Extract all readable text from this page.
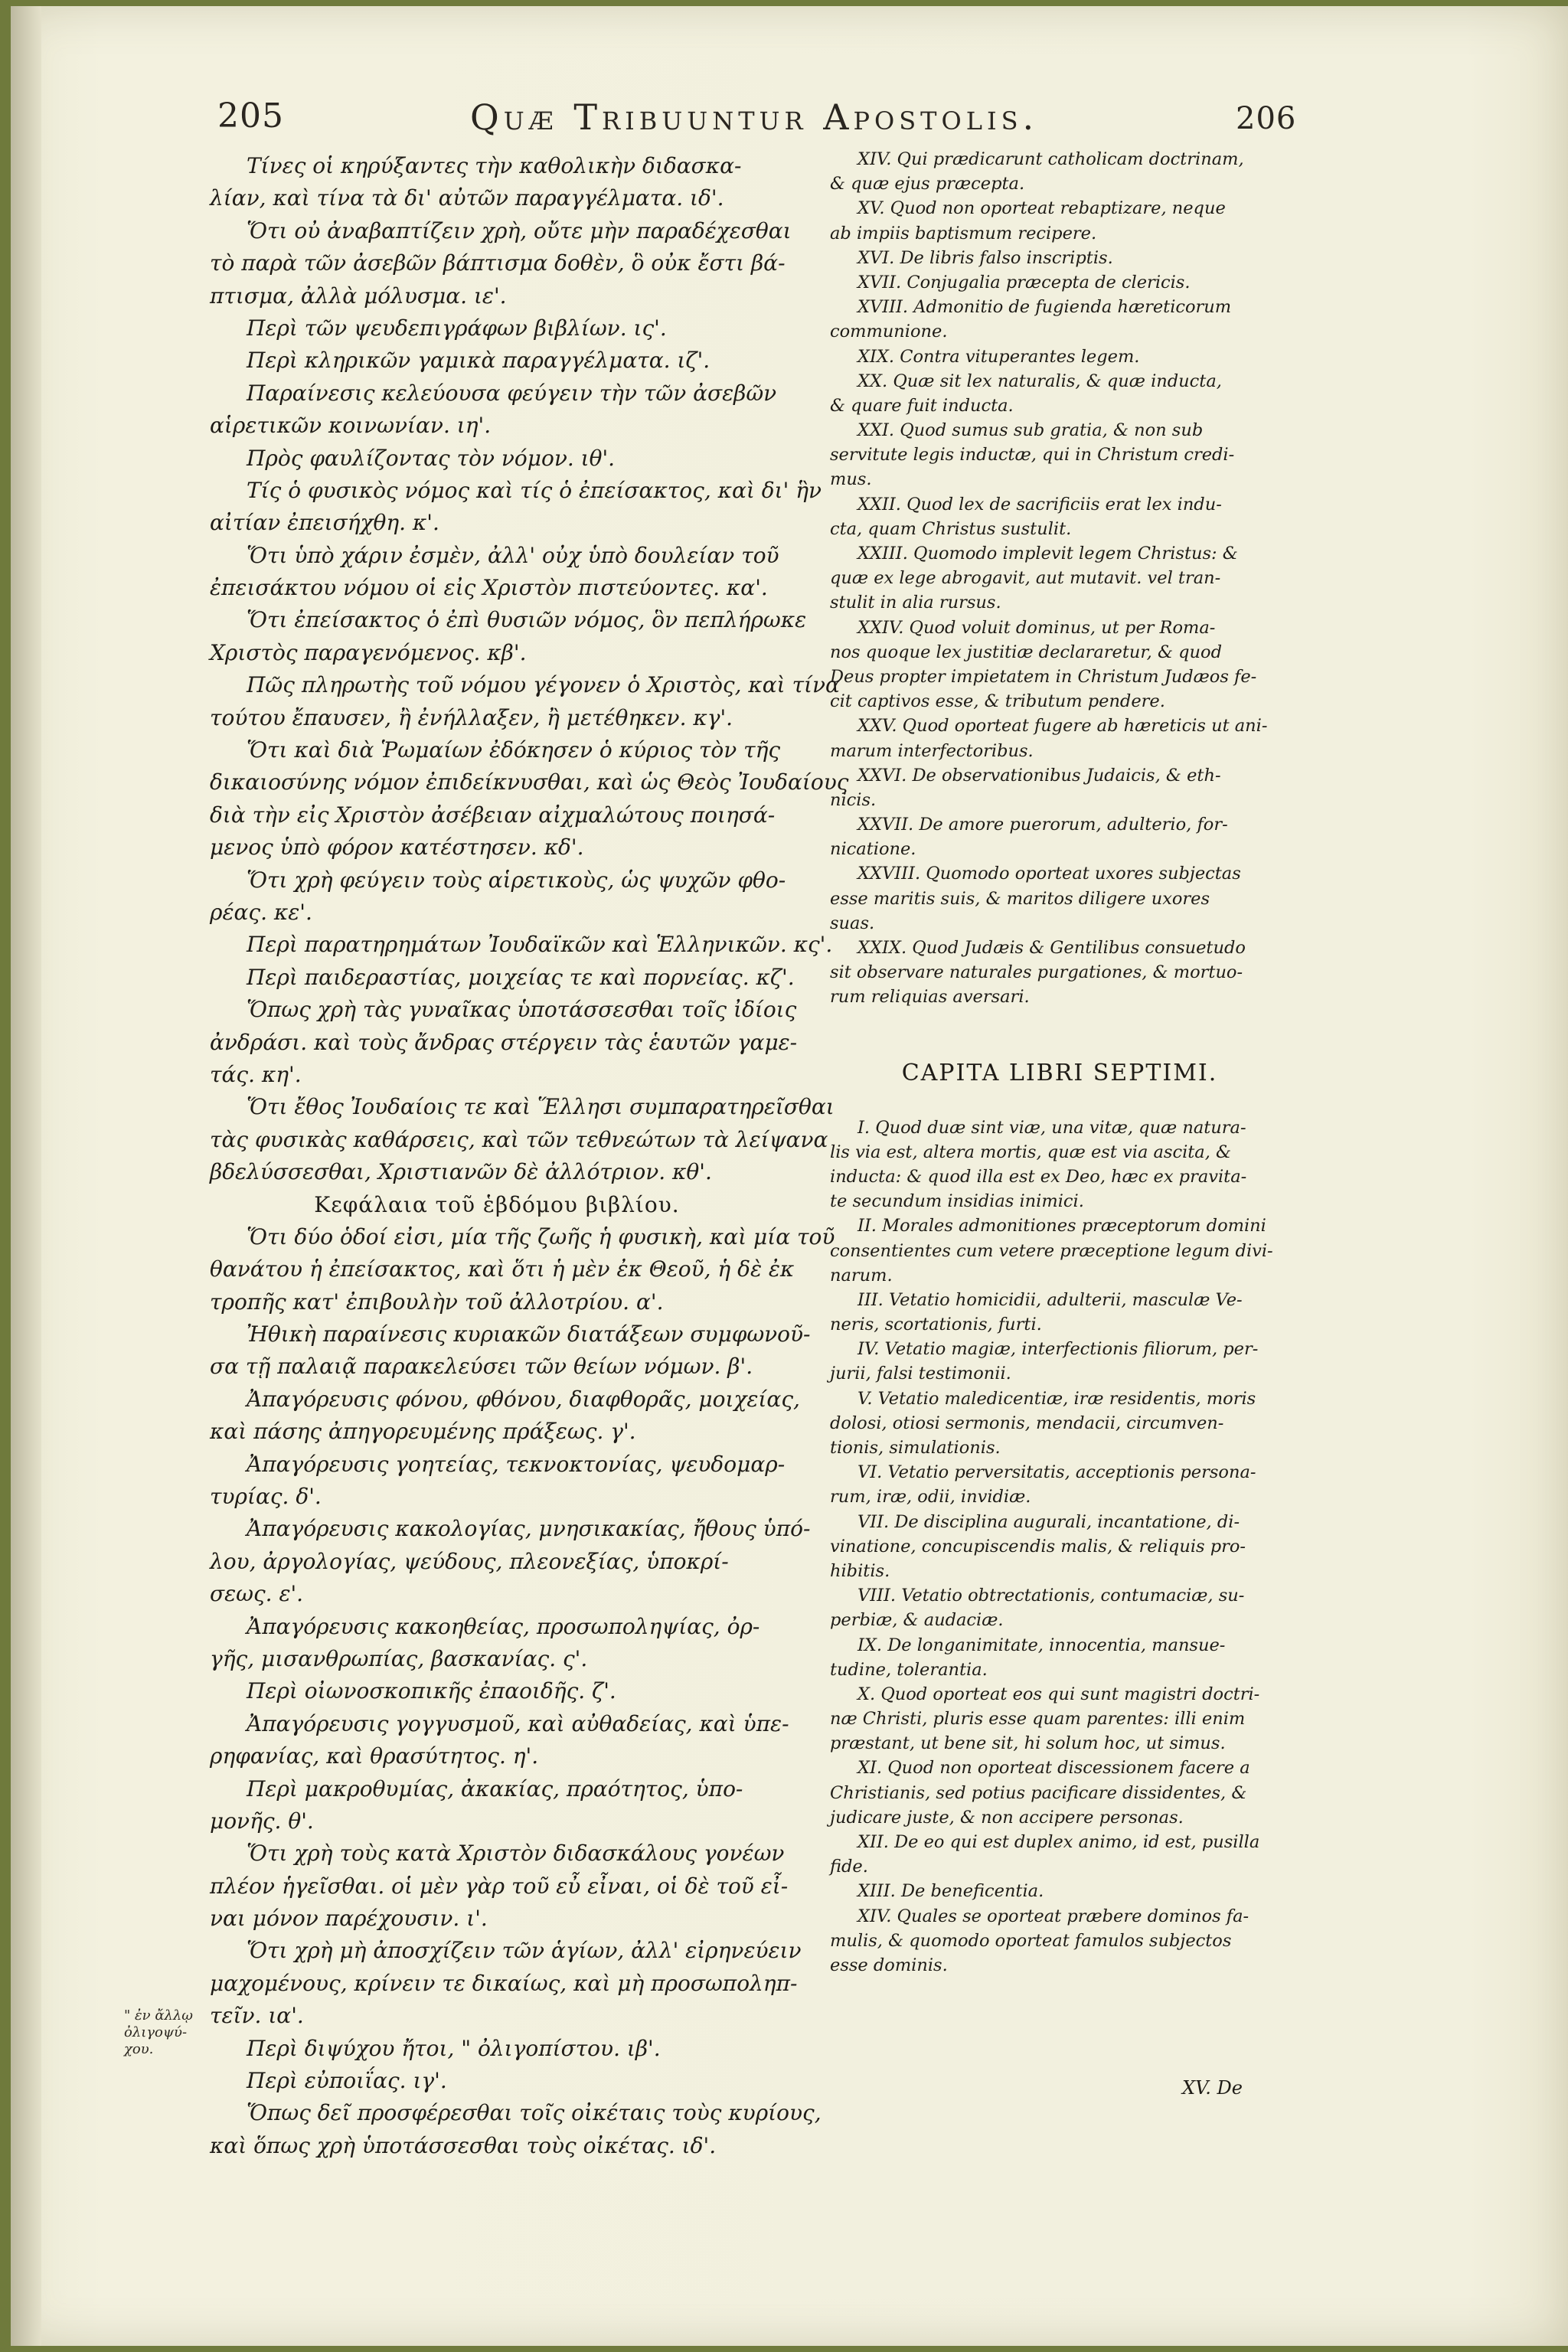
205	Quæ Tribuuntur Apostolis.	206
Τίνες οἱ κηρύξαντες τὴν καθολικὴν διδασκα-
λίαν, καὶ τίνα τὰ δι' αὐτῶν παραγγέλματα. ιδ'.
Ὅτι οὐ ἀναβαπτίζειν χρὴ, οὔτε μὴν παραδέχεσθαι
τὸ παρὰ τῶν ἀσεβῶν βάπτισμα δοθὲν, ὃ οὐκ ἔστι βά-
πτισμα, ἀλλὰ μόλυσμα. ιε'.
Περὶ τῶν ψευδεπιγράφων βιβλίων. ις'.
Περὶ κληρικῶν γαμικὰ παραγγέλματα. ιζ'.
Παραίνεσις κελεύουσα φεύγειν τὴν τῶν ἀσεβῶν
αἱρετικῶν κοινωνίαν. ιη'.
Πρὸς φαυλίζοντας τὸν νόμον. ιθ'.
Τίς ὁ φυσικὸς νόμος καὶ τίς ὁ ἐπείσακτος, καὶ δι' ἣν
αἰτίαν ἐπεισήχθη. κ'.
Ὅτι ὑπὸ χάριν ἐσμὲν, ἀλλ' οὐχ ὑπὸ δουλείαν τοῦ
ἐπεισάκτου νόμου οἱ εἰς Χριστὸν πιστεύοντες. κα'.
Ὅτι ἐπείσακτος ὁ ἐπὶ θυσιῶν νόμος, ὃν πεπλήρωκε
Χριστὸς παραγενόμενος. κβ'.
Πῶς πληρωτὴς τοῦ νόμου γέγονεν ὁ Χριστὸς, καὶ τίνα
τούτου ἔπαυσεν, ἢ ἐνήλλαξεν, ἢ μετέθηκεν. κγ'.
Ὅτι καὶ διὰ Ῥωμαίων ἐδόκησεν ὁ κύριος τὸν τῆς
δικαιοσύνης νόμον ἐπιδείκνυσθαι, καὶ ὡς Θεὸς Ἰουδαίους
διὰ τὴν εἰς Χριστὸν ἀσέβειαν αἰχμαλώτους ποιησά-
μενος ὑπὸ φόρον κατέστησεν. κδ'.
Ὅτι χρὴ φεύγειν τοὺς αἱρετικοὺς, ὡς ψυχῶν φθο-
ρέας. κε'.
Περὶ παρατηρημάτων Ἰουδαϊκῶν καὶ Ἑλληνικῶν. κς'.
Περὶ παιδεραστίας, μοιχείας τε καὶ πορνείας. κζ'.
Ὅπως χρὴ τὰς γυναῖκας ὑποτάσσεσθαι τοῖς ἰδίοις
ἀνδράσι. καὶ τοὺς ἄνδρας στέργειν τὰς ἑαυτῶν γαμε-
τάς. κη'.
Ὅτι ἔθος Ἰουδαίοις τε καὶ Ἕλλησι συμπαρατηρεῖσθαι
τὰς φυσικὰς καθάρσεις, καὶ τῶν τεθνεώτων τὰ λείψανα
βδελύσσεσθαι, Χριστιανῶν δὲ ἀλλότριον. κθ'.
Κεφάλαια τοῦ ἑβδόμου βιβλίου.
Ὅτι δύο ὁδοί εἰσι, μία τῆς ζωῆς ἡ φυσικὴ, καὶ μία τοῦ
θανάτου ἡ ἐπείσακτος, καὶ ὅτι ἡ μὲν ἐκ Θεοῦ, ἡ δὲ ἐκ
τροπῆς κατ' ἐπιβουλὴν τοῦ ἀλλοτρίου. α'.
Ἠθικὴ παραίνεσις κυριακῶν διατάξεων συμφωνοῦ-
σα τῇ παλαιᾷ παρακελεύσει τῶν θείων νόμων. β'.
Ἀπαγόρευσις φόνου, φθόνου, διαφθορᾶς, μοιχείας,
καὶ πάσης ἀπηγορευμένης πράξεως. γ'.
Ἀπαγόρευσις γοητείας, τεκνοκτονίας, ψευδομαρ-
τυρίας. δ'.
Ἀπαγόρευσις κακολογίας, μνησικακίας, ἤθους ὑπό-
λου, ἀργολογίας, ψεύδους, πλεονεξίας, ὑποκρί-
σεως. ε'.
Ἀπαγόρευσις κακοηθείας, προσωποληψίας, ὀρ-
γῆς, μισανθρωπίας, βασκανίας. ς'.
Περὶ οἰωνοσκοπικῆς ἐπαοιδῆς. ζ'.
Ἀπαγόρευσις γογγυσμοῦ, καὶ αὐθαδείας, καὶ ὑπε-
ρηφανίας, καὶ θρασύτητος. η'.
Περὶ μακροθυμίας, ἀκακίας, πραότητος, ὑπο-
μονῆς. θ'.
Ὅτι χρὴ τοὺς κατὰ Χριστὸν διδασκάλους γονέων
πλέον ἡγεῖσθαι. οἱ μὲν γὰρ τοῦ εὖ εἶναι, οἱ δὲ τοῦ εἶ-
ναι μόνον παρέχουσιν. ι'.
Ὅτι χρὴ μὴ ἀποσχίζειν τῶν ἁγίων, ἀλλ' εἰρηνεύειν
μαχομένους, κρίνειν τε δικαίως, καὶ μὴ προσωποληπ-
τεῖν. ια'.
Περὶ διψύχου ἤτοι, " ὀλιγοπίστου. ιβ'.
Περὶ εὐποιΐας. ιγ'.
Ὅπως δεῖ προσφέρεσθαι τοῖς οἰκέταις τοὺς κυρίους,
καὶ ὅπως χρὴ ὑποτάσσεσθαι τοὺς οἰκέτας. ιδ'.
XIV. Qui prædicarunt catholicam doctrinam,
& quæ ejus præcepta.
XV. Quod non oporteat rebaptizare, neque
ab impiis baptismum recipere.
XVI. De libris falso inscriptis.
XVII. Conjugalia præcepta de clericis.
XVIII. Admonitio de fugienda hæreticorum
communione.
XIX. Contra vituperantes legem.
XX. Quæ sit lex naturalis, & quæ inducta,
& quare fuit inducta.
XXI. Quod sumus sub gratia, & non sub
servitute legis inductæ, qui in Christum credi-
mus.
XXII. Quod lex de sacrificiis erat lex indu-
cta, quam Christus sustulit.
XXIII. Quomodo implevit legem Christus: &
quæ ex lege abrogavit, aut mutavit. vel tran-
stulit in alia rursus.
XXIV. Quod voluit dominus, ut per Roma-
nos quoque lex justitiæ declararetur, & quod
Deus propter impietatem in Christum Judæos fe-
cit captivos esse, & tributum pendere.
XXV. Quod oporteat fugere ab hæreticis ut ani-
marum interfectoribus.
XXVI. De observationibus Judaicis, & eth-
nicis.
XXVII. De amore puerorum, adulterio, for-
nicatione.
XXVIII. Quomodo oporteat uxores subjectas
esse maritis suis, & maritos diligere uxores
suas.
XXIX. Quod Judæis & Gentilibus consuetudo
sit observare naturales purgationes, & mortuo-
rum reliquias aversari.
CAPITA LIBRI SEPTIMI.
I. Quod duæ sint viæ, una vitæ, quæ natura-
lis via est, altera mortis, quæ est via ascita, &
inducta: & quod illa est ex Deo, hæc ex pravita-
te secundum insidias inimici.
II. Morales admonitiones præceptorum domini
consentientes cum vetere præceptione legum divi-
narum.
III. Vetatio homicidii, adulterii, masculæ Ve-
neris, scortationis, furti.
IV. Vetatio magiæ, interfectionis filiorum, per-
jurii, falsi testimonii.
V. Vetatio maledicentiæ, iræ residentis, moris
dolosi, otiosi sermonis, mendacii, circumven-
tionis, simulationis.
VI. Vetatio perversitatis, acceptionis persona-
rum, iræ, odii, invidiæ.
VII. De disciplina augurali, incantatione, di-
vinatione, concupiscendis malis, & reliquis pro-
hibitis.
VIII. Vetatio obtrectationis, contumaciæ, su-
perbiæ, & audaciæ.
IX. De longanimitate, innocentia, mansue-
tudine, tolerantia.
X. Quod oporteat eos qui sunt magistri doctri-
næ Christi, pluris esse quam parentes: illi enim
præstant, ut bene sit, hi solum hoc, ut simus.
XI. Quod non oporteat discessionem facere a
Christianis, sed potius pacificare dissidentes, &
judicare juste, & non accipere personas.
XII. De eo qui est duplex animo, id est, pusilla
fide.
XIII. De beneficentia.
XIV. Quales se oporteat præbere dominos fa-
mulis, & quomodo oporteat famulos subjectos
esse dominis.
" ἐν ἄλλῳ
ὀλιγοψύ-
χου.
XV. De
